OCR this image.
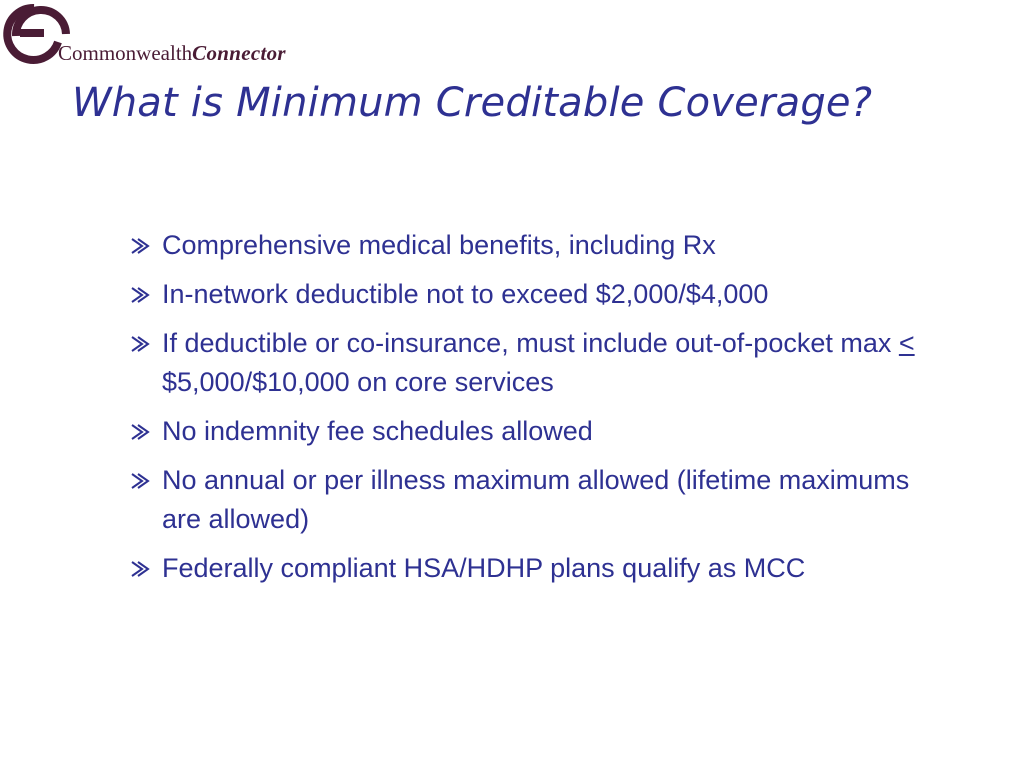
CommonwealthConnector
What is Minimum Creditable Coverage?
Comprehensive medical benefits, including Rx
In-network deductible not to exceed $2,000/$4,000
If deductible or co-insurance, must include out-of-pocket max < $5,000/$10,000 on core services
No indemnity fee schedules allowed
No annual or per illness maximum allowed (lifetime maximums are allowed)
Federally compliant HSA/HDHP plans qualify as MCC
